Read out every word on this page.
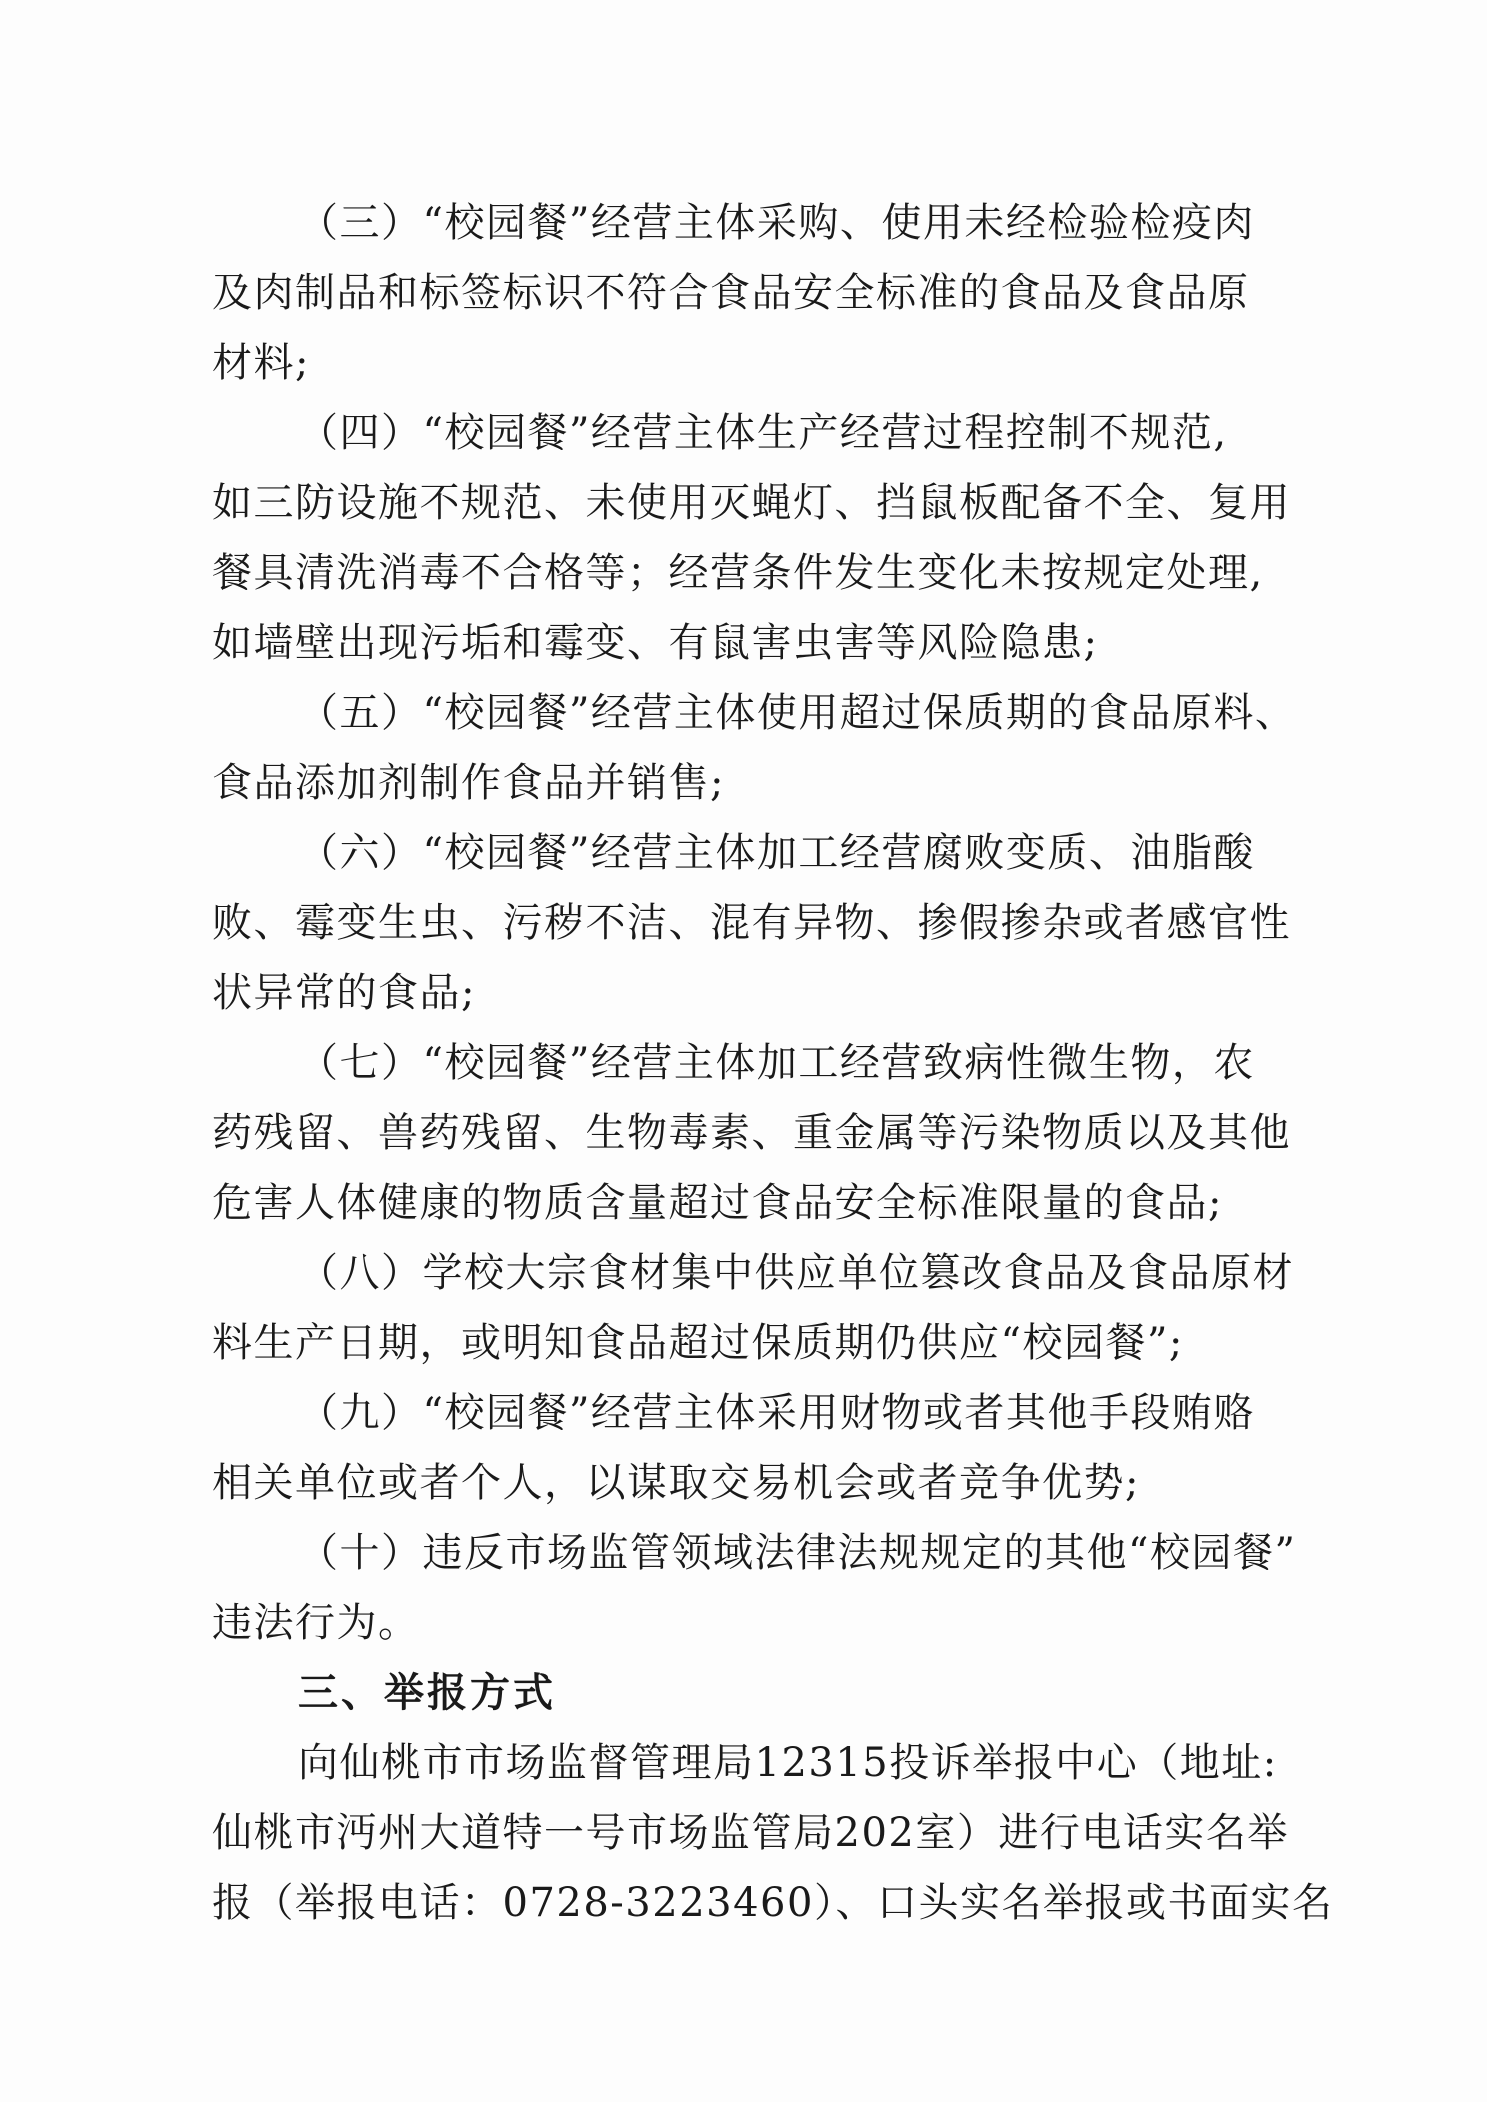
（三）“校园餐”经营主体采购、使用未经检验检疫肉
及肉制品和标签标识不符合食品安全标准的食品及食品原
材料;
（四）“校园餐”经营主体生产经营过程控制不规范,
如三防设施不规范、未使用灭蝇灯、挡鼠板配备不全、复用
餐具清洗消毒不合格等；经营条件发生变化未按规定处理,
如墙壁出现污垢和霉变、有鼠害虫害等风险隐患;
（五）“校园餐”经营主体使用超过保质期的食品原料、
食品添加剂制作食品并销售;
（六）“校园餐”经营主体加工经营腐败变质、油脂酸
败、霉变生虫、污秽不洁、混有异物、掺假掺杂或者感官性
状异常的食品;
（七）“校园餐”经营主体加工经营致病性微生物，农
药残留、兽药残留、生物毒素、重金属等污染物质以及其他
危害人体健康的物质含量超过食品安全标准限量的食品;
（八）学校大宗食材集中供应单位篡改食品及食品原材
料生产日期，或明知食品超过保质期仍供应“校园餐”;
（九）“校园餐”经营主体采用财物或者其他手段贿赂
相关单位或者个人，以谋取交易机会或者竞争优势;
（十）违反市场监管领域法律法规规定的其他“校园餐”
违法行为。
三、举报方式
向仙桃市市场监督管理局12315投诉举报中心（地址:
仙桃市沔州大道特一号市场监管局202室）进行电话实名举
报（举报电话：0728-3223460）、口头实名举报或书面实名
